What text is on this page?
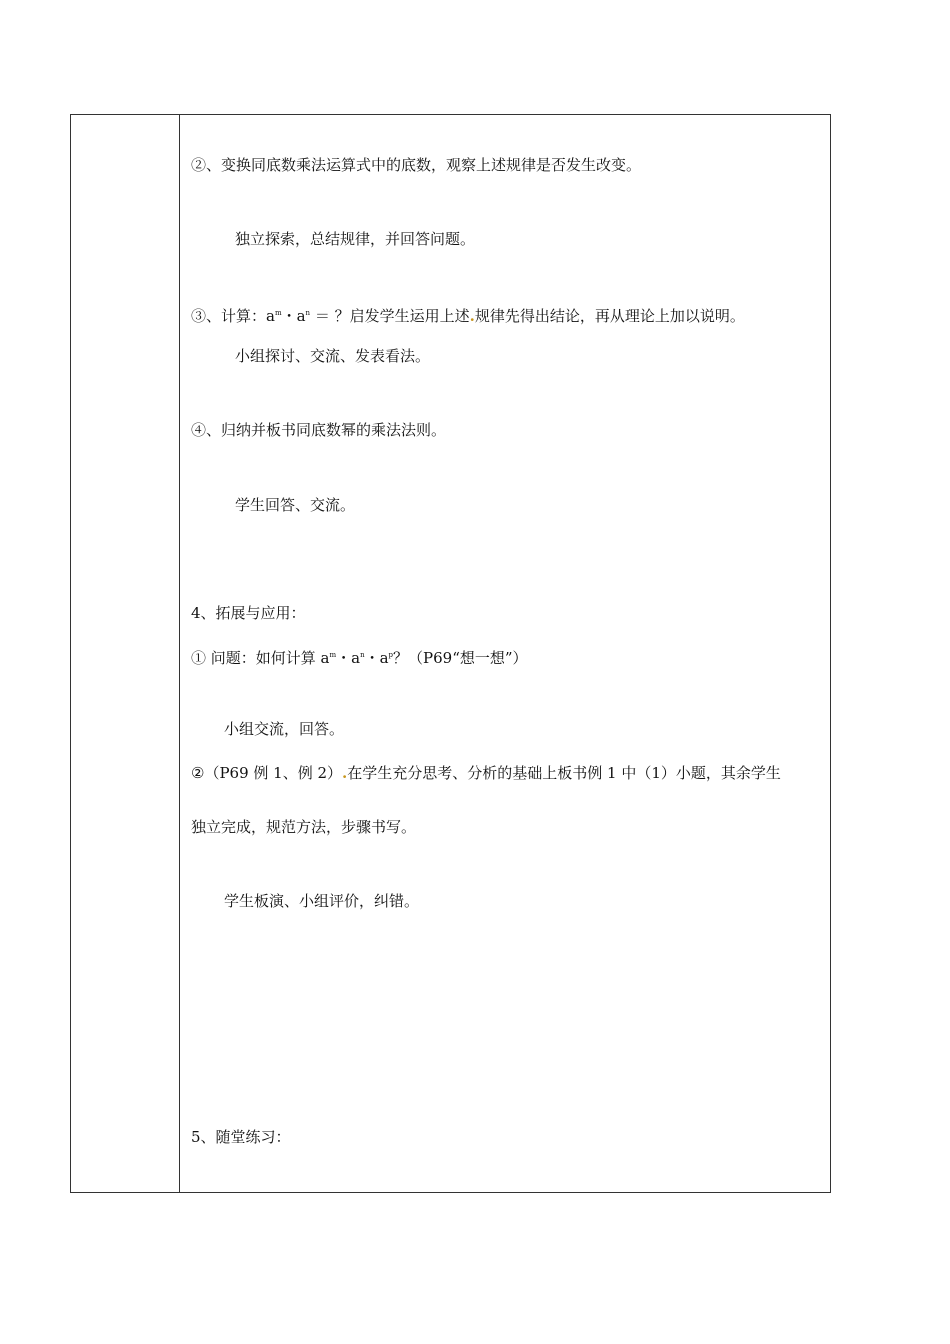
②、变换同底数乘法运算式中的底数，观察上述规律是否发生改变。
独立探索，总结规律，并回答问题。
③、计算：$a^m$・$a^n$ ＝ ？启发学生运用上述.规律先得出结论，再从理论上加以说明。
小组探讨、交流、发表看法。
④、归纳并板书同底数幂的乘法法则。
学生回答、交流。
4、拓展与应用：
① 问题：如何计算 $a^m$・$a^n$・$a^p$？（P69“想一想”）
小组交流，回答。
②（P69 例 1、例 2）.在学生充分思考、分析的基础上板书例 1 中（1）小题，其余学生
独立完成，规范方法，步骤书写。
学生板演、小组评价，纠错。
5、随堂练习：
